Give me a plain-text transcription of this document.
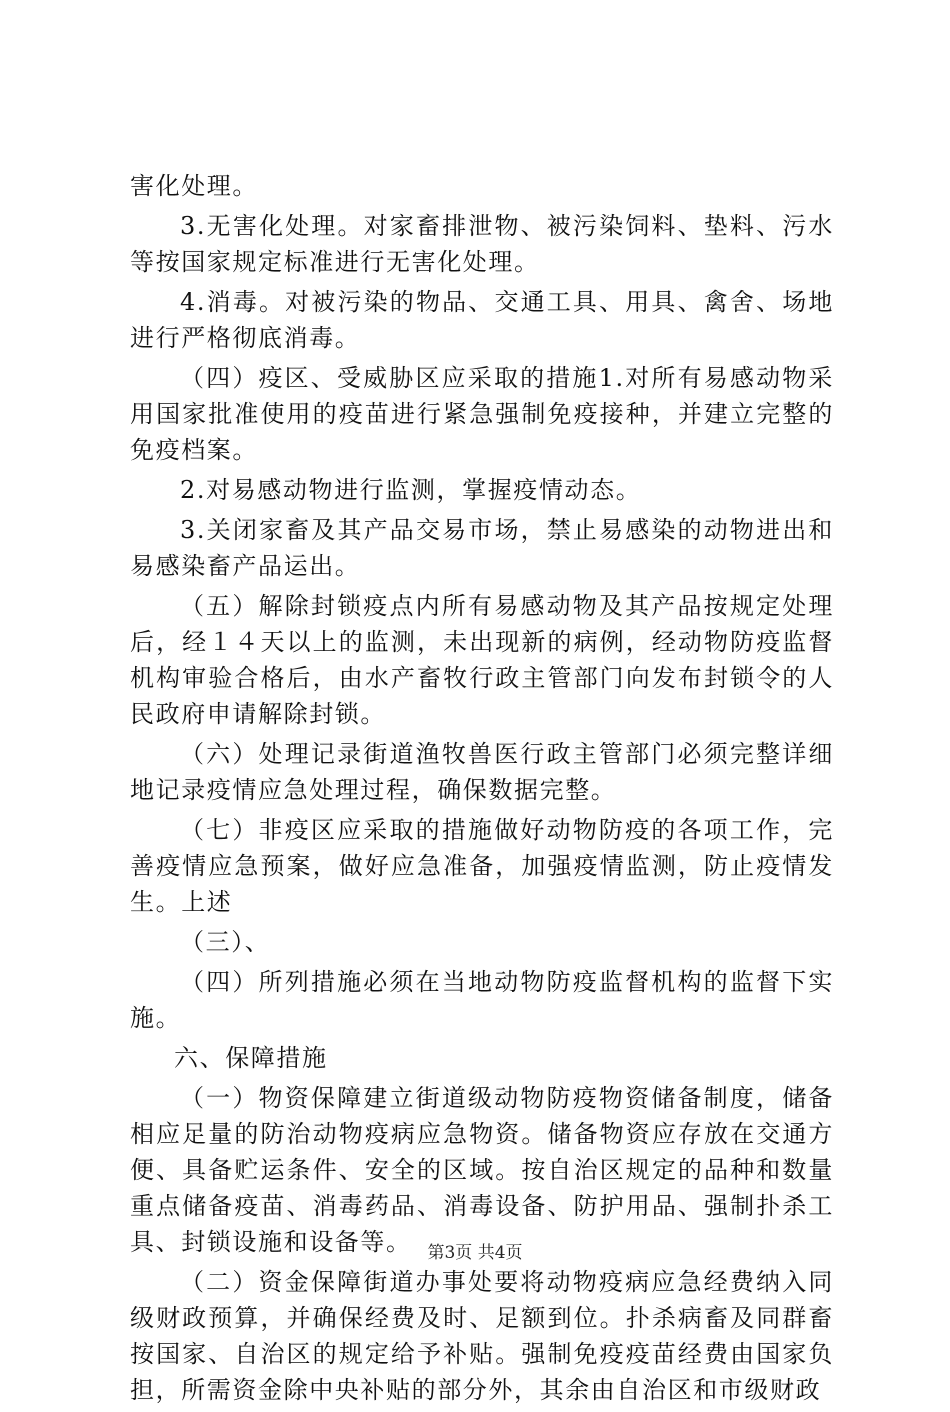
害化处理。

3.无害化处理。对家畜排泄物、被污染饲料、垫料、污水等按国家规定标准进行无害化处理。

4.消毒。对被污染的物品、交通工具、用具、禽舍、场地进行严格彻底消毒。

（四）疫区、受威胁区应采取的措施1.对所有易感动物采用国家批准使用的疫苗进行紧急强制免疫接种，并建立完整的免疫档案。

2.对易感动物进行监测，掌握疫情动态。

3.关闭家畜及其产品交易市场，禁止易感染的动物进出和易感染畜产品运出。

（五）解除封锁疫点内所有易感动物及其产品按规定处理后，经１４天以上的监测，未出现新的病例，经动物防疫监督机构审验合格后，由水产畜牧行政主管部门向发布封锁令的人民政府申请解除封锁。

（六）处理记录街道渔牧兽医行政主管部门必须完整详细地记录疫情应急处理过程，确保数据完整。

（七）非疫区应采取的措施做好动物防疫的各项工作，完善疫情应急预案，做好应急准备，加强疫情监测，防止疫情发生。上述

（三）、

（四）所列措施必须在当地动物防疫监督机构的监督下实施。

六、保障措施

（一）物资保障建立街道级动物防疫物资储备制度，储备相应足量的防治动物疫病应急物资。储备物资应存放在交通方便、具备贮运条件、安全的区域。按自治区规定的品种和数量重点储备疫苗、消毒药品、消毒设备、防护用品、强制扑杀工具、封锁设施和设备等。

（二）资金保障街道办事处要将动物疫病应急经费纳入同级财政预算，并确保经费及时、足额到位。扑杀病畜及同群畜按国家、自治区的规定给予补贴。强制免疫疫苗经费由国家负担，所需资金除中央补贴的部分外，其余由自治区和市级财政

第3页 共4页
